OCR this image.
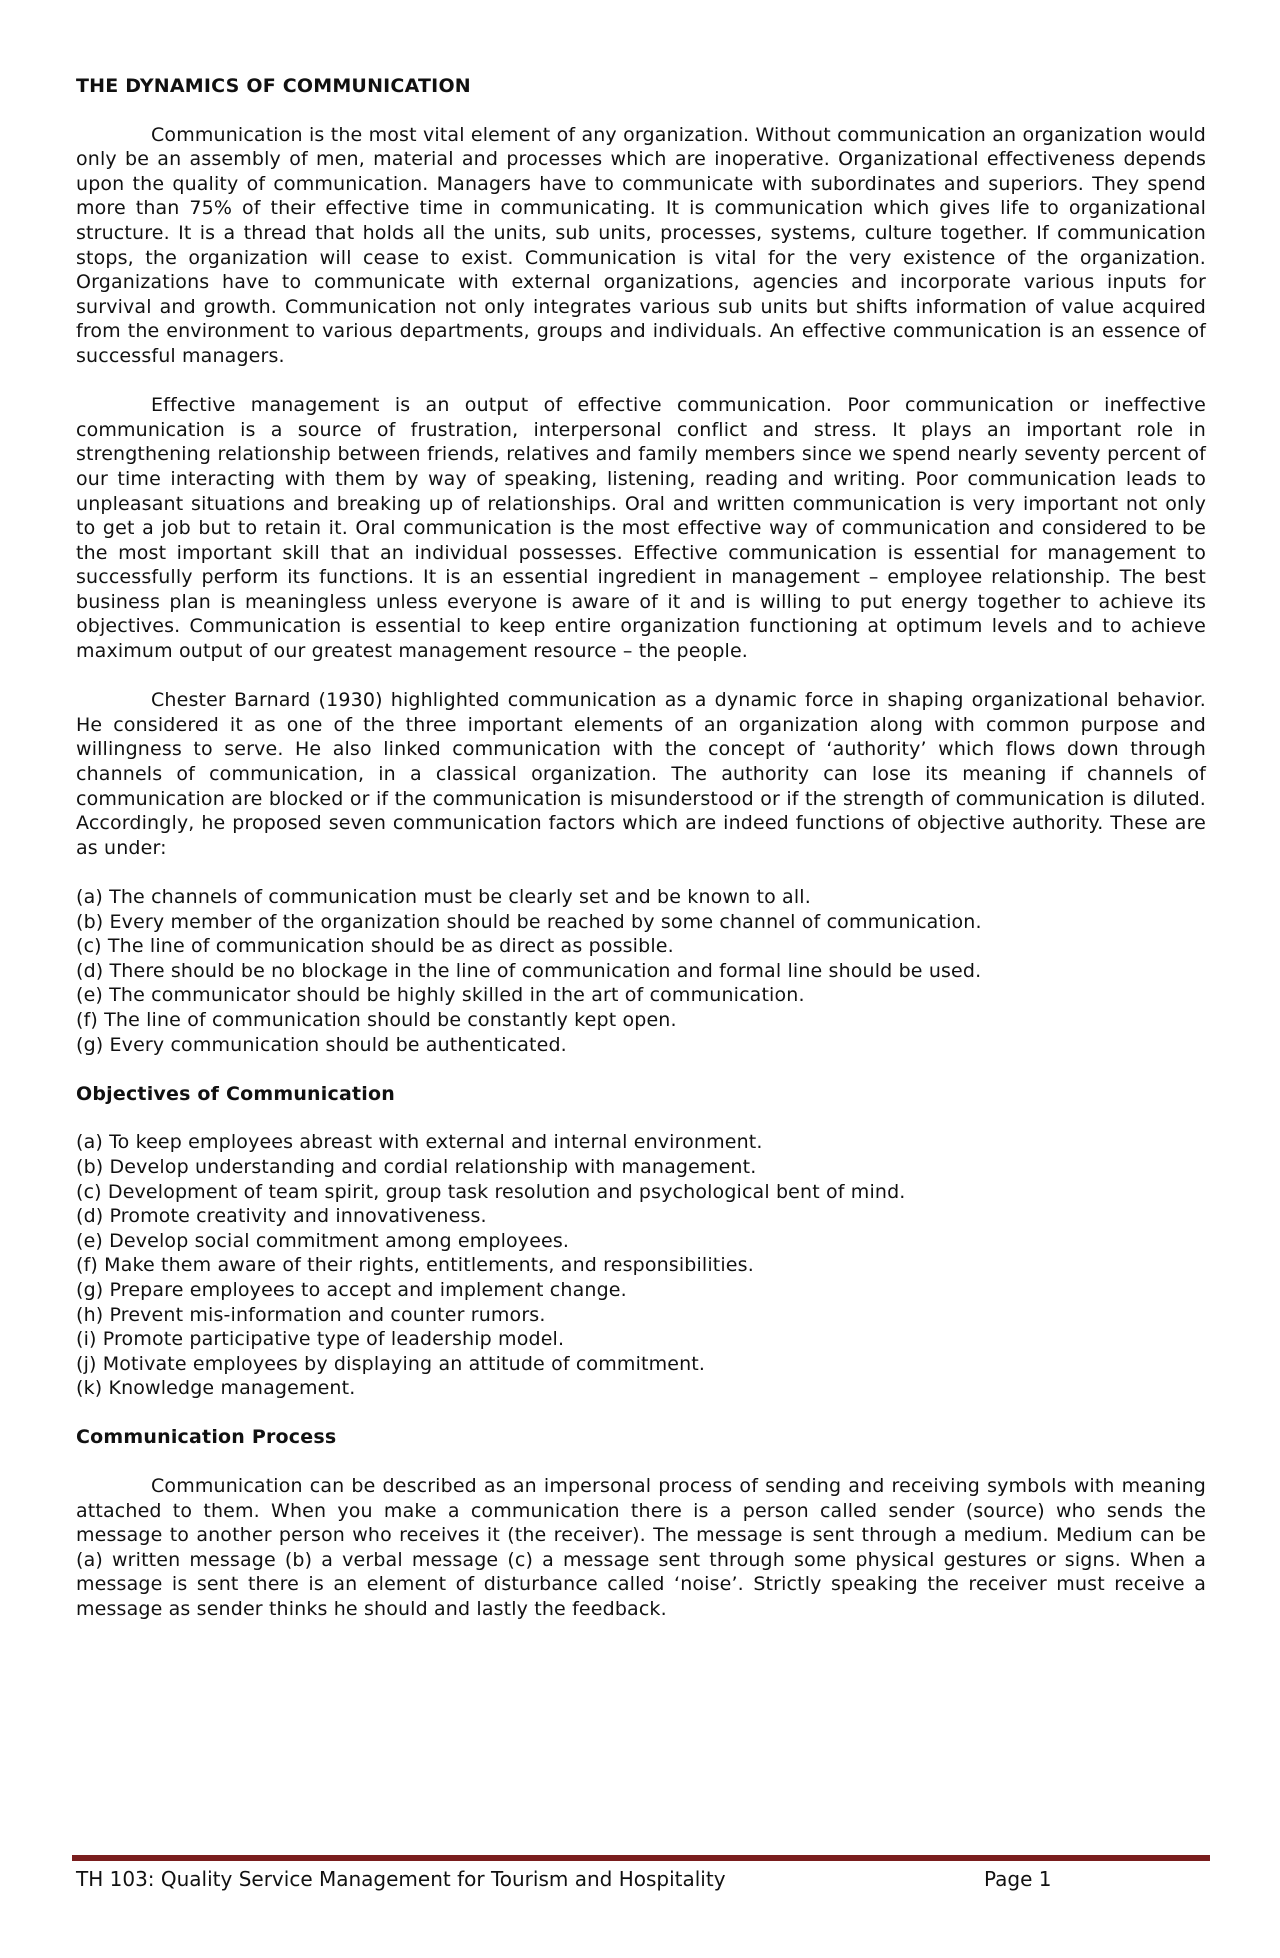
THE DYNAMICS OF COMMUNICATION

Communication is the most vital element of any organization. Without communication an organization would only be an assembly of men, material and processes which are inoperative. Organizational effectiveness depends upon the quality of communication. Managers have to communicate with subordinates and superiors. They spend more than 75% of their effective time in communicating. It is communication which gives life to organizational structure. It is a thread that holds all the units, sub units, processes, systems, culture together. If communication stops, the organization will cease to exist. Communication is vital for the very existence of the organization. Organizations have to communicate with external organizations, agencies and incorporate various inputs for survival and growth. Communication not only integrates various sub units but shifts information of value acquired from the environment to various departments, groups and individuals. An effective communication is an essence of successful managers.

Effective management is an output of effective communication. Poor communication or ineffective communication is a source of frustration, interpersonal conflict and stress. It plays an important role in strengthening relationship between friends, relatives and family members since we spend nearly seventy percent of our time interacting with them by way of speaking, listening, reading and writing. Poor communication leads to unpleasant situations and breaking up of relationships. Oral and written communication is very important not only to get a job but to retain it. Oral communication is the most effective way of communication and considered to be the most important skill that an individual possesses. Effective communication is essential for management to successfully perform its functions. It is an essential ingredient in management – employee relationship. The best business plan is meaningless unless everyone is aware of it and is willing to put energy together to achieve its objectives. Communication is essential to keep entire organization functioning at optimum levels and to achieve maximum output of our greatest management resource – the people.

Chester Barnard (1930) highlighted communication as a dynamic force in shaping organizational behavior. He considered it as one of the three important elements of an organization along with common purpose and willingness to serve. He also linked communication with the concept of ‘authority’ which flows down through channels of communication, in a classical organization. The authority can lose its meaning if channels of communication are blocked or if the communication is misunderstood or if the strength of communication is diluted. Accordingly, he proposed seven communication factors which are indeed functions of objective authority. These are as under:

(a) The channels of communication must be clearly set and be known to all.
(b) Every member of the organization should be reached by some channel of communication.
(c) The line of communication should be as direct as possible.
(d) There should be no blockage in the line of communication and formal line should be used.
(e) The communicator should be highly skilled in the art of communication.
(f) The line of communication should be constantly kept open.
(g) Every communication should be authenticated.
Objectives of Communication
(a) To keep employees abreast with external and internal environment.
(b) Develop understanding and cordial relationship with management.
(c) Development of team spirit, group task resolution and psychological bent of mind.
(d) Promote creativity and innovativeness.
(e) Develop social commitment among employees.
(f) Make them aware of their rights, entitlements, and responsibilities.
(g) Prepare employees to accept and implement change.
(h) Prevent mis-information and counter rumors.
(i) Promote participative type of leadership model.
(j) Motivate employees by displaying an attitude of commitment.
(k) Knowledge management.
Communication Process

Communication can be described as an impersonal process of sending and receiving symbols with meaning attached to them. When you make a communication there is a person called sender (source) who sends the message to another person who receives it (the receiver). The message is sent through a medium. Medium can be (a) written message (b) a verbal message (c) a message sent through some physical gestures or signs. When a message is sent there is an element of disturbance called ‘noise’. Strictly speaking the receiver must receive a message as sender thinks he should and lastly the feedback.

TH 103: Quality Service Management for Tourism and Hospitality	Page 1
